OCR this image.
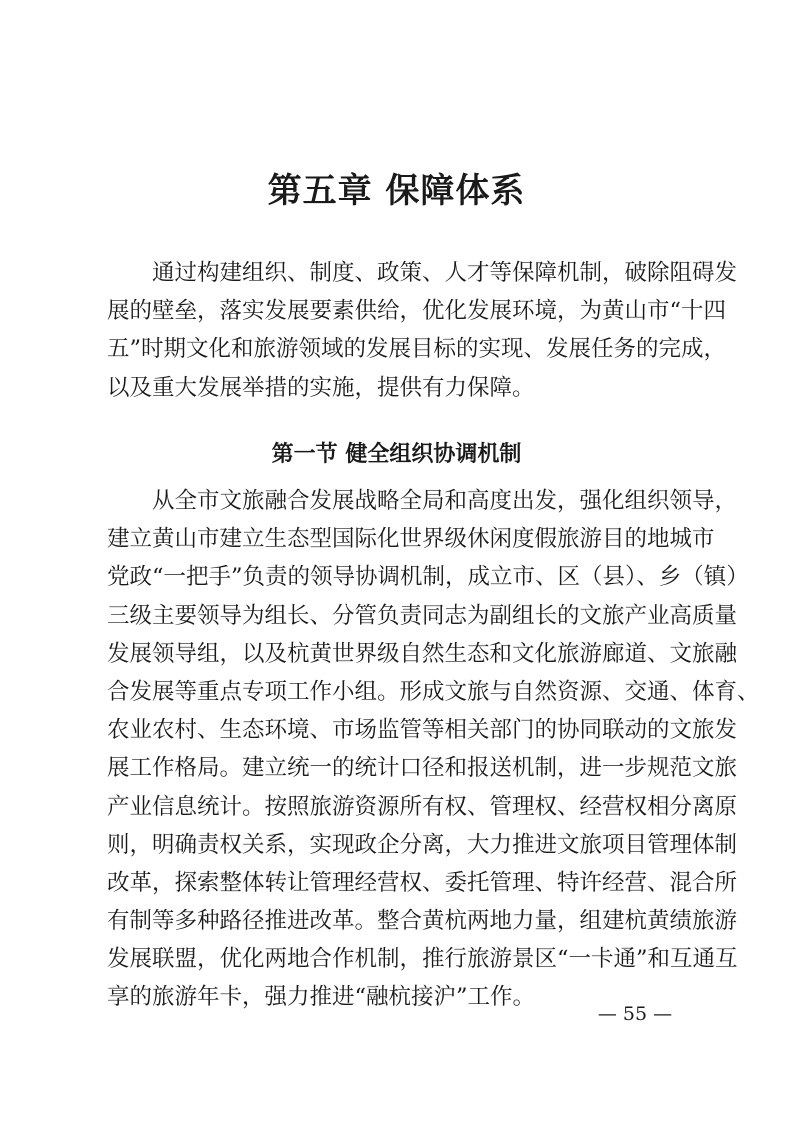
第五章 保障体系
通过构建组织、制度、政策、人才等保障机制，破除阻碍发
展的壁垒，落实发展要素供给，优化发展环境，为黄山市“十四
五”时期文化和旅游领域的发展目标的实现、发展任务的完成，
以及重大发展举措的实施，提供有力保障。
第一节 健全组织协调机制
从全市文旅融合发展战略全局和高度出发，强化组织领导，
建立黄山市建立生态型国际化世界级休闲度假旅游目的地城市
党政“一把手”负责的领导协调机制，成立市、区（县）、乡（镇）
三级主要领导为组长、分管负责同志为副组长的文旅产业高质量
发展领导组，以及杭黄世界级自然生态和文化旅游廊道、文旅融
合发展等重点专项工作小组。形成文旅与自然资源、交通、体育、
农业农村、生态环境、市场监管等相关部门的协同联动的文旅发
展工作格局。建立统一的统计口径和报送机制，进一步规范文旅
产业信息统计。按照旅游资源所有权、管理权、经营权相分离原
则，明确责权关系，实现政企分离，大力推进文旅项目管理体制
改革，探索整体转让管理经营权、委托管理、特许经营、混合所
有制等多种路径推进改革。整合黄杭两地力量，组建杭黄绩旅游
发展联盟，优化两地合作机制，推行旅游景区“一卡通”和互通互
享的旅游年卡，强力推进“融杭接沪”工作。
— 55 —
